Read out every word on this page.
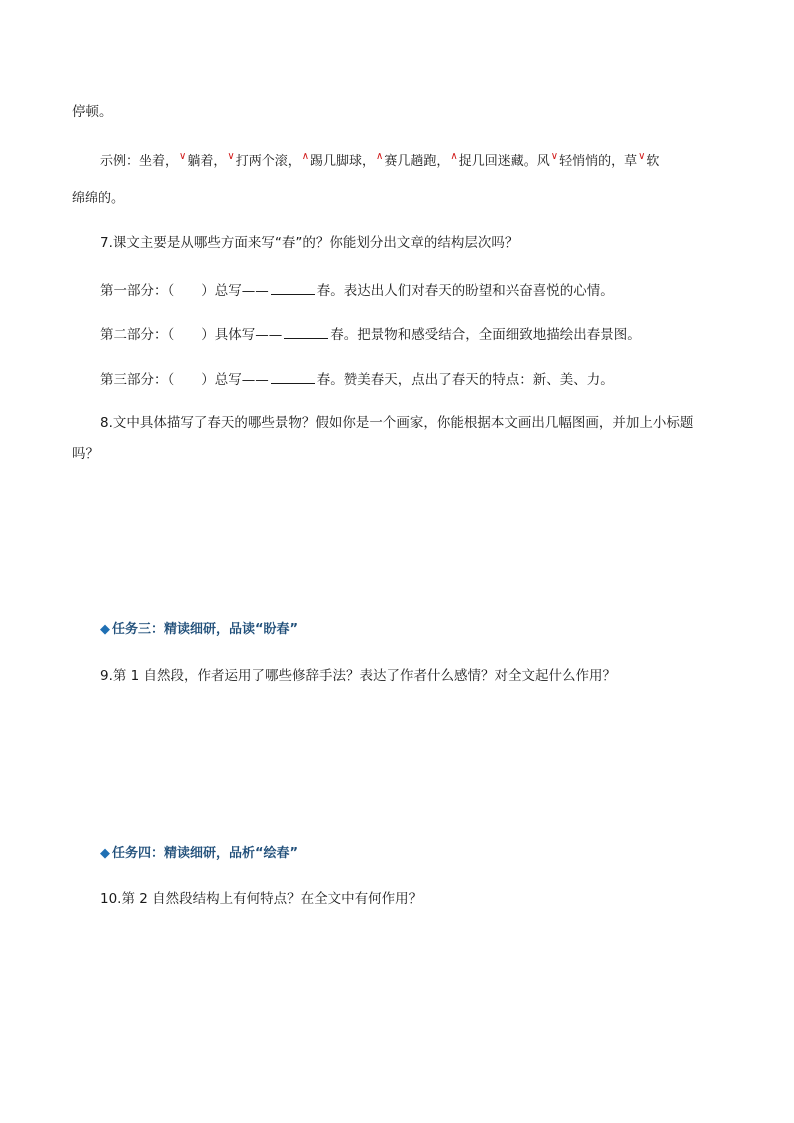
停顿。
示例：坐着，∨躺着，∨打两个滚，∧踢几脚球，∧赛几趟跑，∧捉几回迷藏。风∨轻悄悄的，草∨软
绵绵的。
7.课文主要是从哪些方面来写“春”的？你能划分出文章的结构层次吗？
第一部分：（　　）总写——	春。表达出人们对春天的盼望和兴奋喜悦的心情。
第二部分：（　　）具体写——	春。把景物和感受结合，全面细致地描绘出春景图。
第三部分：（　　）总写——	春。赞美春天，点出了春天的特点：新、美、力。
8.文中具体描写了春天的哪些景物？假如你是一个画家，你能根据本文画出几幅图画，并加上小标题
吗？
◆ 任务三：精读细研，品读“盼春”
9.第 1 自然段，作者运用了哪些修辞手法？表达了作者什么感情？对全文起什么作用？
◆ 任务四：精读细研，品析“绘春”
10.第 2 自然段结构上有何特点？在全文中有何作用？
